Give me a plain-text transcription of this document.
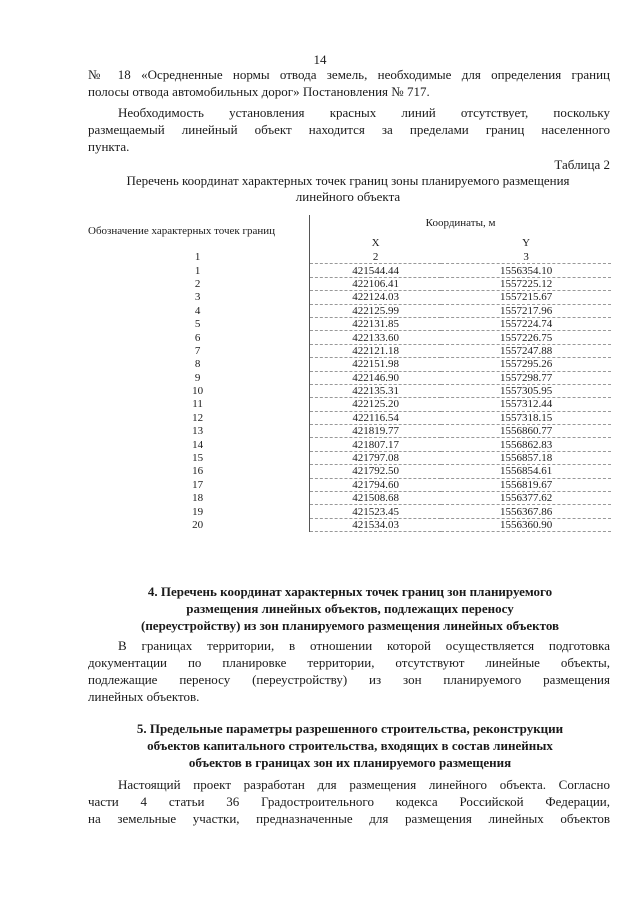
14
№ 18 «Осредненные нормы отвода земель, необходимые для определения границ
полосы отвода автомобильных дорог» Постановления № 717.
Необходимость установления красных линий отсутствует, поскольку
размещаемый линейный объект находится за пределами границ населенного
пункта.
Таблица 2
Перечень координат характерных точек границ зоны планируемого размещения
линейного объекта
Обозначение характерных точек границ	Координаты, м	
	X	Y
1	2	3
1	421544.44	1556354.10
2	422106.41	1557225.12
3	422124.03	1557215.67
4	422125.99	1557217.96
5	422131.85	1557224.74
6	422133.60	1557226.75
7	422121.18	1557247.88
8	422151.98	1557295.26
9	422146.90	1557298.77
10	422135.31	1557305.95
11	422125.20	1557312.44
12	422116.54	1557318.15
13	421819.77	1556860.77
14	421807.17	1556862.83
15	421797.08	1556857.18
16	421792.50	1556854.61
17	421794.60	1556819.67
18	421508.68	1556377.62
19	421523.45	1556367.86
20	421534.03	1556360.90
4. Перечень координат характерных точек границ зон планируемого
размещения линейных объектов, подлежащих переносу
(переустройству) из зон планируемого размещения линейных объектов
В границах территории, в отношении которой осуществляется подготовка
документации по планировке территории, отсутствуют линейные объекты,
подлежащие переносу (переустройству) из зон планируемого размещения
линейных объектов.
5. Предельные параметры разрешенного строительства, реконструкции
объектов капитального строительства, входящих в состав линейных
объектов в границах зон их планируемого размещения
Настоящий проект разработан для размещения линейного объекта. Согласно
части 4 статьи 36 Градостроительного кодекса Российской Федерации,
на земельные участки, предназначенные для размещения линейных объектов
